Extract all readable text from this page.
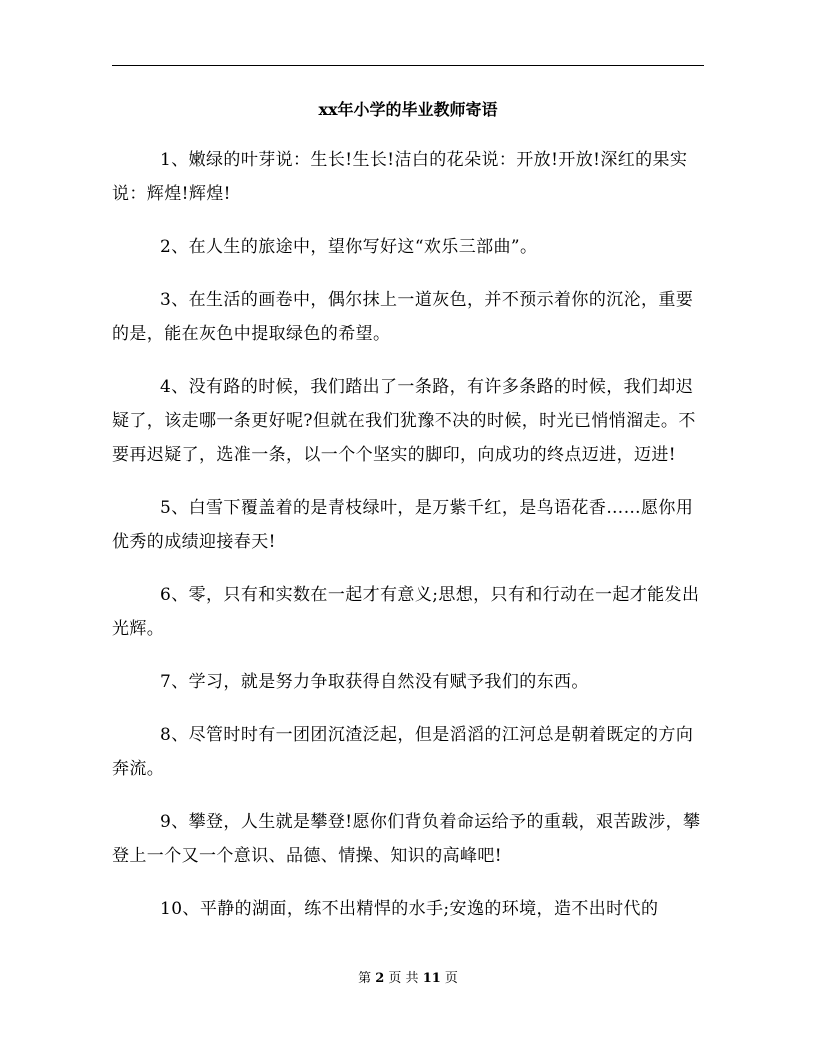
xx年小学的毕业教师寄语

1、嫩绿的叶芽说：生长!生长!洁白的花朵说：开放!开放!深红的果实说：辉煌!辉煌!

2、在人生的旅途中，望你写好这“欢乐三部曲”。

3、在生活的画卷中，偶尔抹上一道灰色，并不预示着你的沉沦，重要的是，能在灰色中提取绿色的希望。

4、没有路的时候，我们踏出了一条路，有许多条路的时候，我们却迟疑了，该走哪一条更好呢?但就在我们犹豫不决的时候，时光已悄悄溜走。不要再迟疑了，选准一条，以一个个坚实的脚印，向成功的终点迈进，迈进!

5、白雪下覆盖着的是青枝绿叶，是万紫千红，是鸟语花香……愿你用优秀的成绩迎接春天!

6、零，只有和实数在一起才有意义;思想，只有和行动在一起才能发出光辉。

7、学习，就是努力争取获得自然没有赋予我们的东西。

8、尽管时时有一团团沉渣泛起，但是滔滔的江河总是朝着既定的方向奔流。

9、攀登，人生就是攀登!愿你们背负着命运给予的重载，艰苦跋涉，攀登上一个又一个意识、品德、情操、知识的高峰吧!

10、平静的湖面，练不出精悍的水手;安逸的环境，造不出时代的

第 2 页 共 11 页
